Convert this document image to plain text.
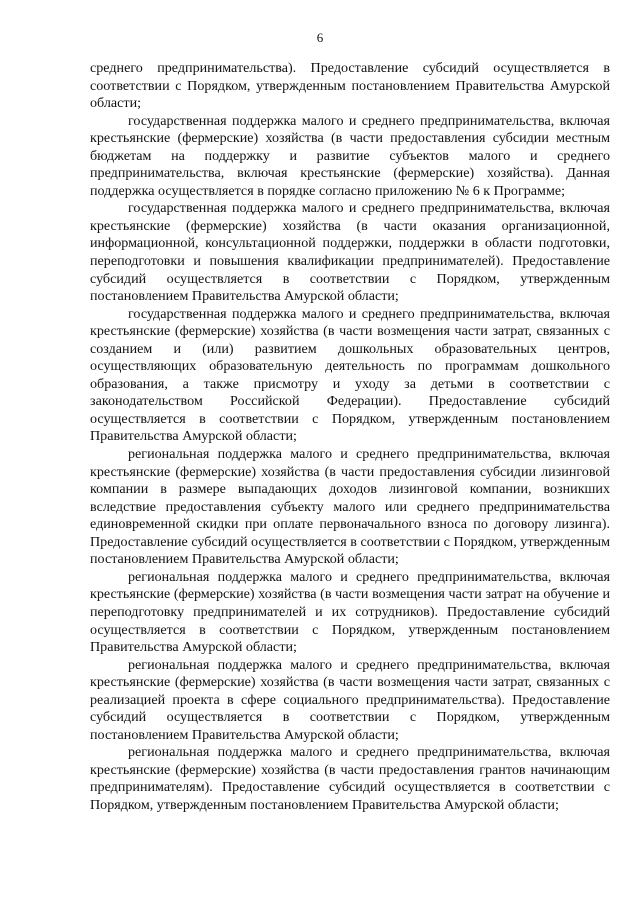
6

среднего предпринимательства). Предоставление субсидий осуществляется в соответствии с Порядком, утвержденным постановлением Правительства Амурской области;

государственная поддержка малого и среднего предпринимательства, включая крестьянские (фермерские) хозяйства (в части предоставления субсидии местным бюджетам на поддержку и развитие субъектов малого и среднего предпринимательства, включая крестьянские (фермерские) хозяйства). Данная поддержка осуществляется в порядке согласно приложению № 6 к Программе;

государственная поддержка малого и среднего предпринимательства, включая крестьянские (фермерские) хозяйства (в части оказания организационной, информационной, консультационной поддержки, поддержки в области подготовки, переподготовки и повышения квалификации предпринимателей). Предоставление субсидий осуществляется в соответствии с Порядком, утвержденным постановлением Правительства Амурской области;

государственная поддержка малого и среднего предпринимательства, включая крестьянские (фермерские) хозяйства (в части возмещения части затрат, связанных с созданием и (или) развитием дошкольных образовательных центров, осуществляющих образовательную деятельность по программам дошкольного образования, а также присмотру и уходу за детьми в соответствии с законодательством Российской Федерации). Предоставление субсидий осуществляется в соответствии с Порядком, утвержденным постановлением Правительства Амурской области;

региональная поддержка малого и среднего предпринимательства, включая крестьянские (фермерские) хозяйства (в части предоставления субсидии лизинговой компании в размере выпадающих доходов лизинговой компании, возникших вследствие предоставления субъекту малого или среднего предпринимательства единовременной скидки при оплате первоначального взноса по договору лизинга). Предоставление субсидий осуществляется в соответствии с Порядком, утвержденным постановлением Правительства Амурской области;

региональная поддержка малого и среднего предпринимательства, включая крестьянские (фермерские) хозяйства (в части возмещения части затрат на обучение и переподготовку предпринимателей и их сотрудников). Предоставление субсидий осуществляется в соответствии с Порядком, утвержденным постановлением Правительства Амурской области;

региональная поддержка малого и среднего предпринимательства, включая крестьянские (фермерские) хозяйства (в части возмещения части затрат, связанных с реализацией проекта в сфере социального предпринимательства). Предоставление субсидий осуществляется в соответствии с Порядком, утвержденным постановлением Правительства Амурской области;

региональная поддержка малого и среднего предпринимательства, включая крестьянские (фермерские) хозяйства (в части предоставления грантов начинающим предпринимателям). Предоставление субсидий осуществляется в соответствии с Порядком, утвержденным постановлением Правительства Амурской области;
